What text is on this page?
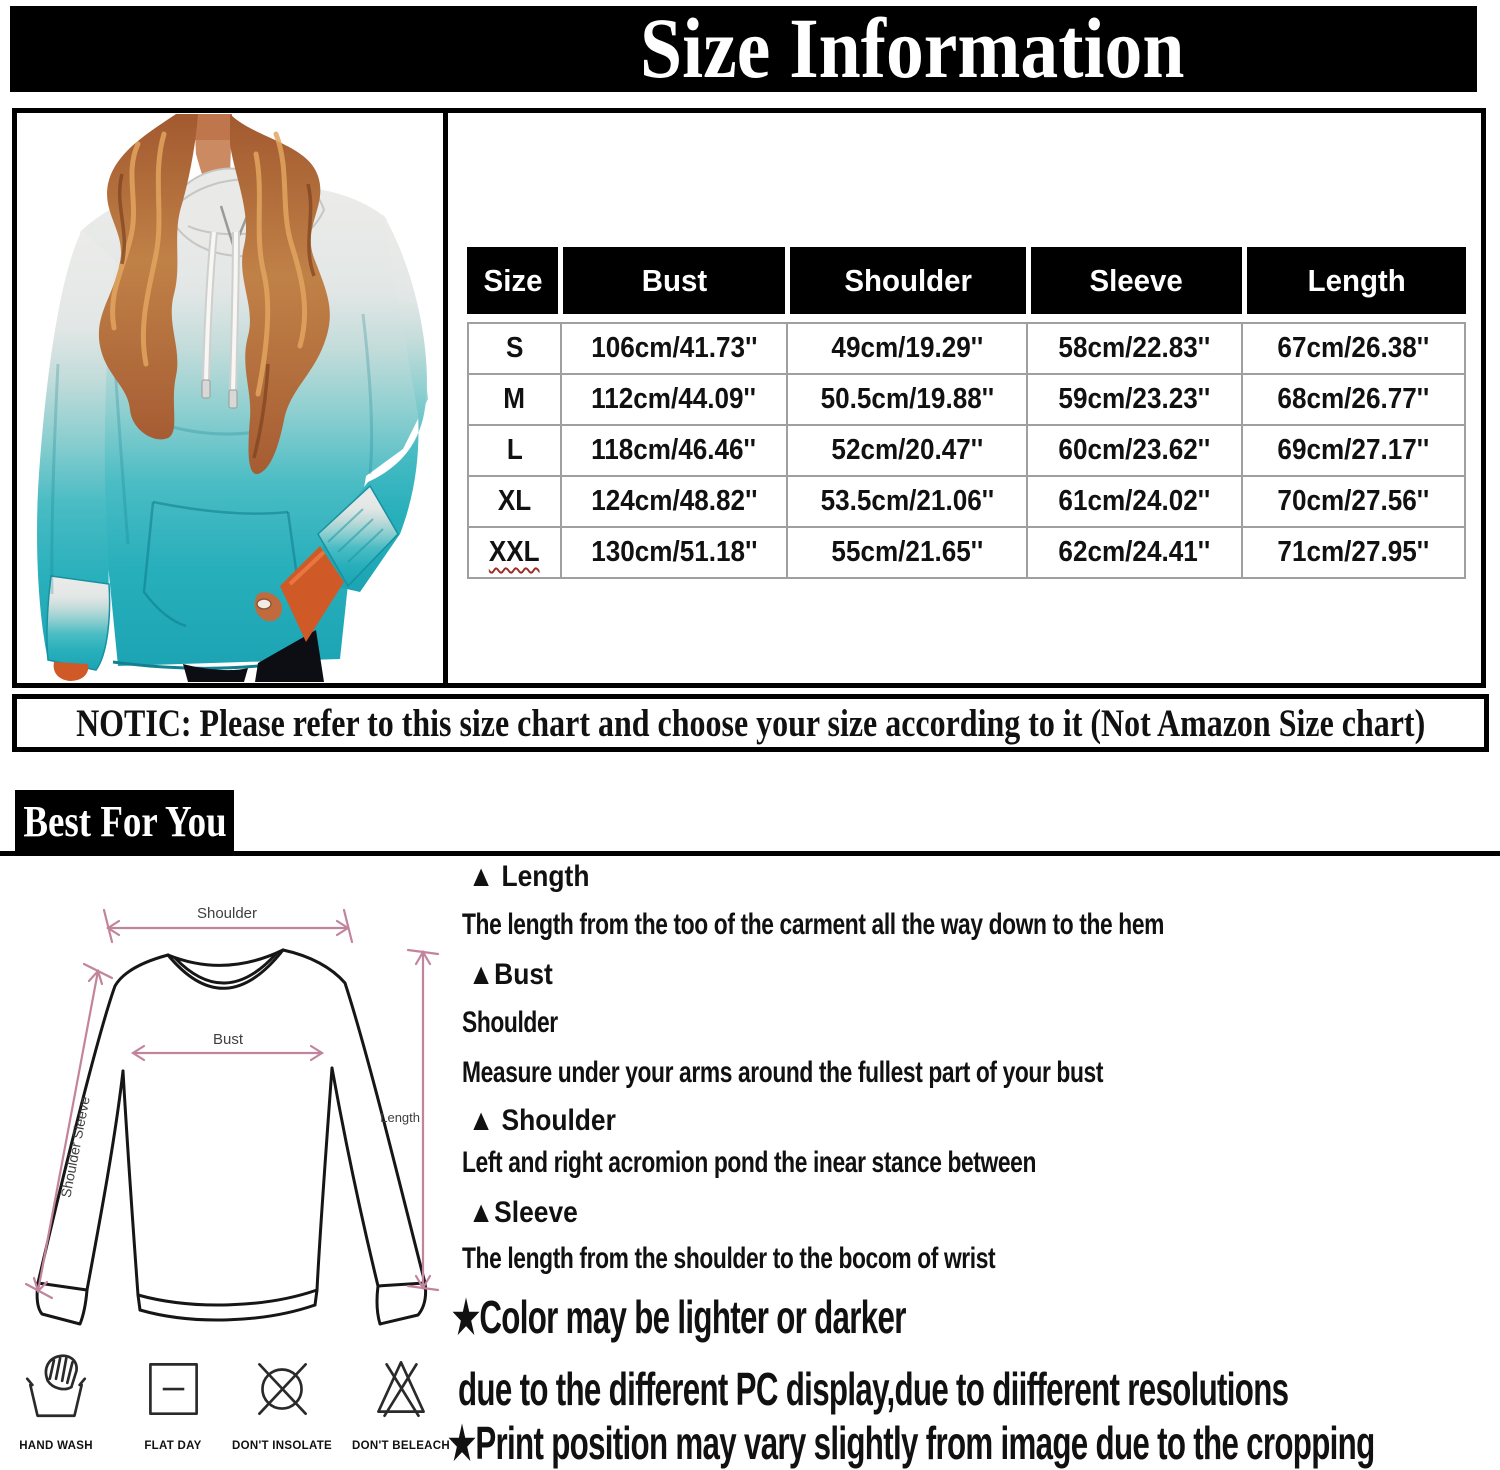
Size Information
Size	Bust	Shoulder	Sleeve	Length
S	106cm/41.73''	49cm/19.29''	58cm/22.83''	67cm/26.38''
M	112cm/44.09''	50.5cm/19.88''	59cm/23.23''	68cm/26.77''
L	118cm/46.46''	52cm/20.47''	60cm/23.62''	69cm/27.17''
XL	124cm/48.82''	53.5cm/21.06''	61cm/24.02''	70cm/27.56''
XXL	130cm/51.18''	55cm/21.65''	62cm/24.41''	71cm/27.95''
NOTIC: Please refer to this size chart and choose your size according to it (Not Amazon Size chart)
Best For You
Shoulder
Bust
Length
Shoulder Sleeve
HAND WASH	FLAT DAY	DON'T INSOLATE	DON'T BELEACH
▲ Length
The length from the too of the carment all the way down to the hem
▲Bust
Shoulder
Measure under your arms around the fullest part of your bust
▲ Shoulder
Left and right acromion pond the inear stance between
▲Sleeve
The length from the shoulder to the bocom of wrist
★Color may be lighter or darker
due to the different PC display,due to diifferent resolutions
★Print position may vary slightly from image due to the cropping
